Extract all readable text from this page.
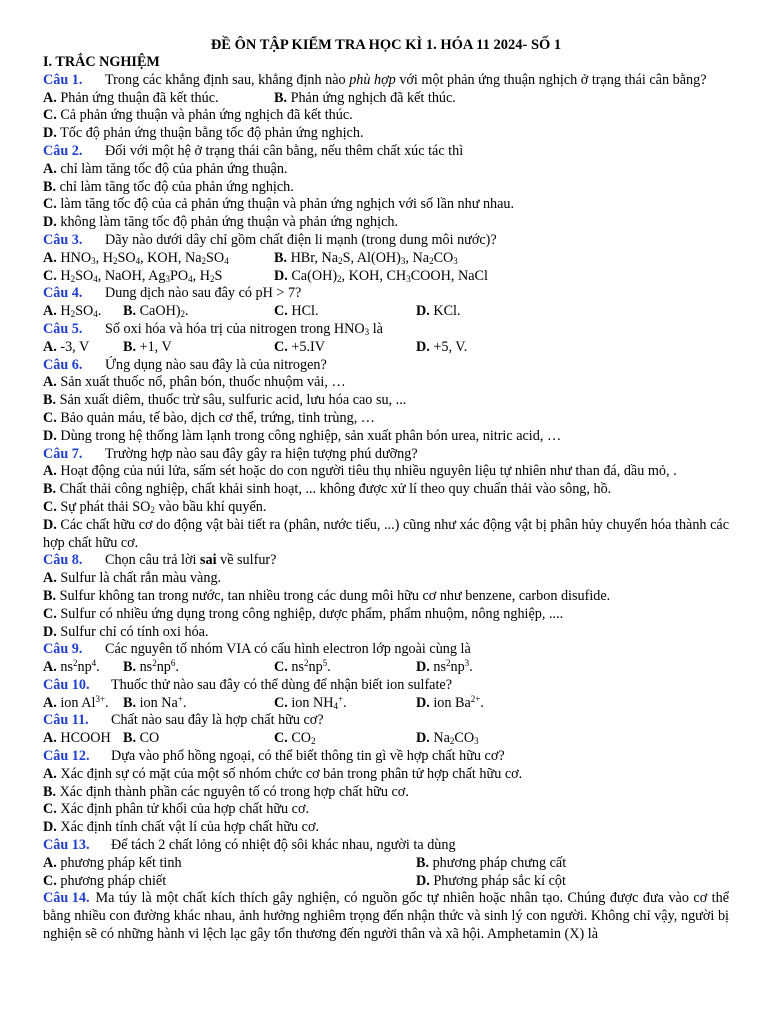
ĐỀ ÔN TẬP KIỂM TRA HỌC KÌ 1. HÓA 11 2024- SỐ 1
I. TRẮC NGHIỆM
Câu 1. Trong các khẳng định sau, khẳng định nào phù hợp với một phản ứng thuận nghịch ở trạng thái cân bằng?
A. Phản ứng thuận đã kết thúc.	B. Phản ứng nghịch đã kết thúc.
C. Cả phản ứng thuận và phản ứng nghịch đã kết thúc.
D. Tốc độ phản ứng thuận bằng tốc độ phản ứng nghịch.
Câu 2. Đối với một hệ ở trạng thái cân bằng, nếu thêm chất xúc tác thì
A. chỉ làm tăng tốc độ của phản ứng thuận.
B. chỉ làm tăng tốc độ của phản ứng nghịch.
C. làm tăng tốc độ của cả phản ứng thuận và phản ứng nghịch với số lần như nhau.
D. không làm tăng tốc độ phản ứng thuận và phản ứng nghịch.
Câu 3. Dãy nào dưới dây chỉ gồm chất điện li mạnh (trong dung môi nước)?
A. $HNO_3$, $H_2SO_4$, KOH, $Na_2SO_4$	B. HBr, $Na_2S$, $Al(OH)_3$, $Na_2CO_3$
C. $H_2SO_4$, NaOH, $Ag_3PO_4$, $H_2S$	D. $Ca(OH)_2$, KOH, $CH_3COOH$, NaCl
Câu 4. Dung dịch nào sau đây có pH > 7?
A. $H_2SO_4$. B. $CaOH)_2$.	C. HCl.	D. KCl.
Câu 5. Số oxi hóa và hóa trị của nitrogen trong $HNO_3$ là
A. -3, V B. +1, V	C. +5.IV	D. +5, V.
Câu 6. Ứng dụng nào sau đây là của nitrogen?
A. Sản xuất thuốc nổ, phân bón, thuốc nhuộm vải, …
B. Sản xuất diêm, thuốc trừ sâu, sulfuric acid, lưu hóa cao su, ...
C. Bảo quản máu, tế bào, dịch cơ thể, trứng, tinh trùng, …
D. Dùng trong hệ thống làm lạnh trong công nghiệp, sản xuất phân bón urea, nitric acid, …
Câu 7. Trường hợp nào sau đây gây ra hiện tượng phú dưỡng?
A. Hoạt động của núi lửa, sấm sét hoặc do con người tiêu thụ nhiều nguyên liệu tự nhiên như than đá, dầu mỏ, .
B. Chất thải công nghiệp, chất khải sinh hoạt, ... không được xử lí theo quy chuẩn thải vào sông, hồ.
C. Sự phát thải $SO_2$ vào bầu khí quyển.
D. Các chất hữu cơ do động vật bài tiết ra (phân, nước tiểu, ...) cũng như xác động vật bị phân hủy chuyển hóa thành các hợp chất hữu cơ.
Câu 8. Chọn câu trả lời sai về sulfur?
A. Sulfur là chất rắn màu vàng.
B. Sulfur không tan trong nước, tan nhiều trong các dung môi hữu cơ như benzene, carbon disufide.
C. Sulfur có nhiều ứng dụng trong công nghiệp, dược phẩm, phẩm nhuộm, nông nghiệp, ....
D. Sulfur chỉ có tính oxi hóa.
Câu 9. Các nguyên tố nhóm VIA có cấu hình electron lớp ngoài cùng là
A. $ns^2np^4$. B. $ns^2np^6$.	C. $ns^2np^5$.	D. $ns^2np^3$.
Câu 10. Thuốc thử nào sau đây có thể dùng để nhận biết ion sulfate?
A. ion $Al^{3+}$. B. ion Na+.	C. ion $NH_4^+$.	D. ion $Ba^{2+}$.
Câu 11. Chất nào sau đây là hợp chất hữu cơ?
A. HCOOH B. CO	C. $CO_2$	D. $Na_2CO_3$
Câu 12. Dựa vào phổ hồng ngoại, có thể biết thông tin gì về hợp chất hữu cơ?
A. Xác định sự có mặt của một số nhóm chức cơ bản trong phân tử hợp chất hữu cơ.
B. Xác định thành phần các nguyên tố có trong hợp chất hữu cơ.
C. Xác định phân tử khối của hợp chất hữu cơ.
D. Xác định tính chất vật lí của hợp chất hữu cơ.
Câu 13. Để tách 2 chất lỏng có nhiệt độ sôi khác nhau, người ta dùng
A. phương pháp kết tinh	B. phương pháp chưng cất
C. phương pháp chiết	D. Phương pháp sắc kí cột
Câu 14. Ma túy là một chất kích thích gây nghiện, có nguồn gốc tự nhiên hoặc nhân tạo. Chúng được đưa vào cơ thể bằng nhiều con đường khác nhau, ảnh hưởng nghiêm trọng đến nhận thức và sinh lý con người. Không chỉ vậy, người bị nghiện sẽ có những hành vi lệch lạc gây tổn thương đến người thân và xã hội. Amphetamin (X) là
